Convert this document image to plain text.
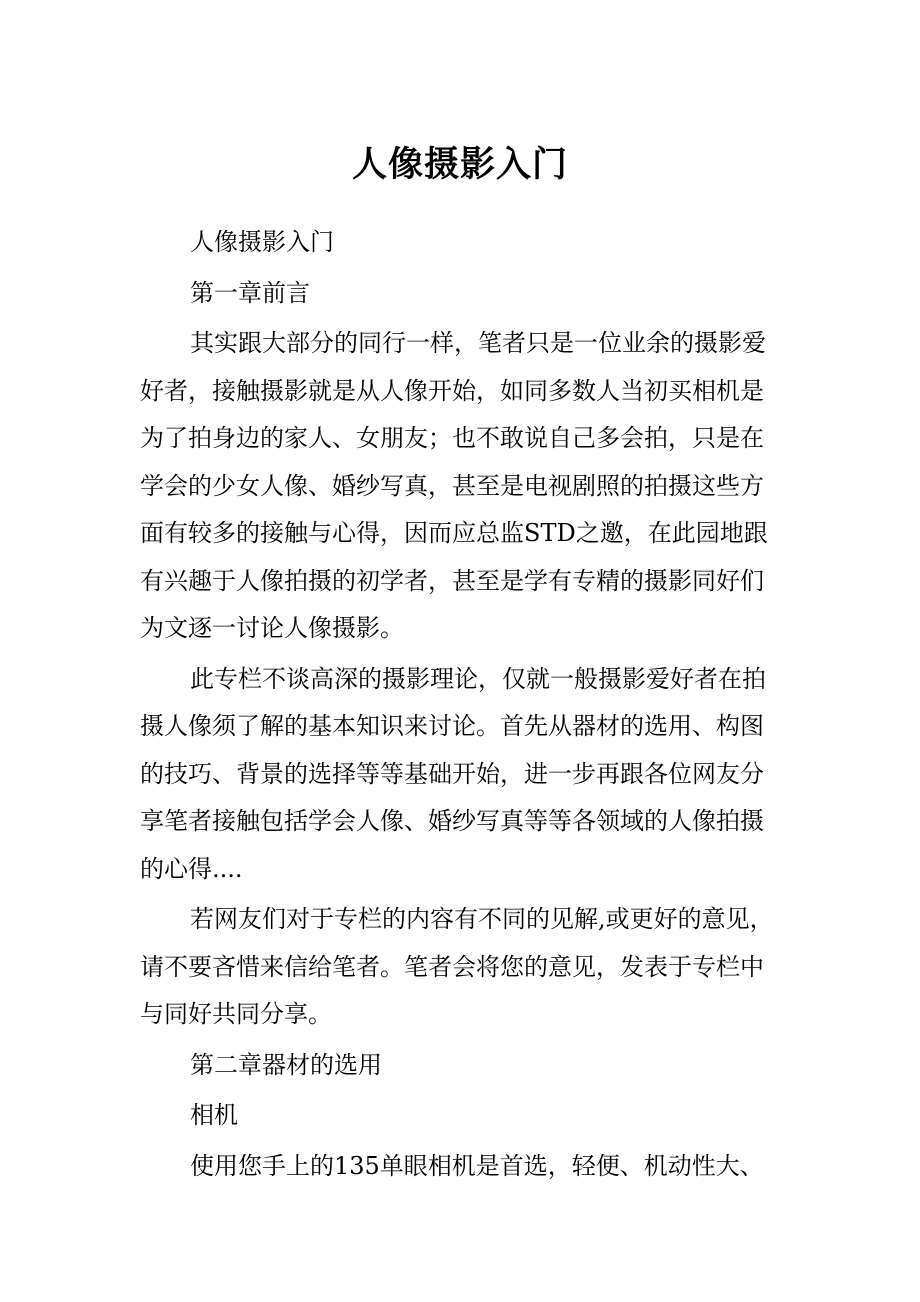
人像摄影入门

人像摄影入门

第一章前言

其实跟大部分的同行一样，笔者只是一位业余的摄影爱
好者，接触摄影就是从人像开始，如同多数人当初买相机是
为了拍身边的家人、女朋友；也不敢说自己多会拍，只是在
学会的少女人像、婚纱写真，甚至是电视剧照的拍摄这些方
面有较多的接触与心得，因而应总监STD之邀，在此园地跟
有兴趣于人像拍摄的初学者，甚至是学有专精的摄影同好们
为文逐一讨论人像摄影。

此专栏不谈高深的摄影理论，仅就一般摄影爱好者在拍
摄人像须了解的基本知识来讨论。首先从器材的选用、构图
的技巧、背景的选择等等基础开始，进一步再跟各位网友分
享笔者接触包括学会人像、婚纱写真等等各领域的人像拍摄
的心得....

若网友们对于专栏的内容有不同的见解,或更好的意见，
请不要吝惜来信给笔者。笔者会将您的意见，发表于专栏中
与同好共同分享。

第二章器材的选用

相机

使用您手上的135单眼相机是首选，轻便、机动性大、
